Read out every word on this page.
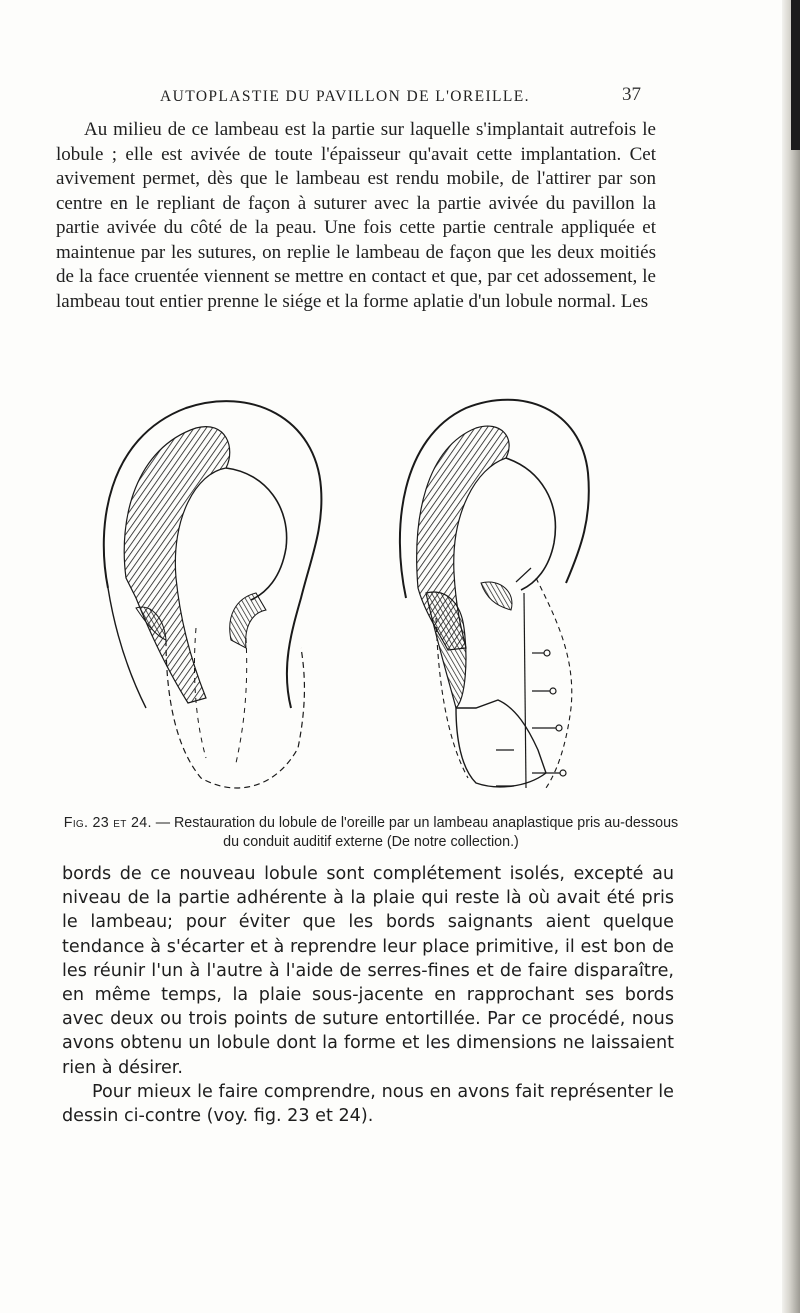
AUTOPLASTIE DU PAVILLON DE L'OREILLE.	37

Au milieu de ce lambeau est la partie sur laquelle s'implantait autrefois le lobule ; elle est avivée de toute l'épaisseur qu'avait cette implantation. Cet avivement permet, dès que le lambeau est rendu mobile, de l'attirer par son centre en le repliant de façon à suturer avec la partie avivée du pavillon la partie avivée du côté de la peau. Une fois cette partie centrale appliquée et maintenue par les sutures, on replie le lambeau de façon que les deux moitiés de la face cruentée viennent se mettre en contact et que, par cet adossement, le lambeau tout entier prenne le siége et la forme aplatie d'un lobule normal. Les

Fig. 23 et 24. — Restauration du lobule de l'oreille par un lambeau anaplastique pris au-dessous du conduit auditif externe (De notre collection.)

bords de ce nouveau lobule sont complétement isolés, excepté au niveau de la partie adhérente à la plaie qui reste là où avait été pris le lambeau; pour éviter que les bords saignants aient quelque tendance à s'écarter et à reprendre leur place primitive, il est bon de les réunir l'un à l'autre à l'aide de serres-fines et de faire disparaître, en même temps, la plaie sous-jacente en rapprochant ses bords avec deux ou trois points de suture entortillée. Par ce procédé, nous avons obtenu un lobule dont la forme et les dimensions ne laissaient rien à désirer.

Pour mieux le faire comprendre, nous en avons fait représenter le dessin ci-contre (voy. fig. 23 et 24).
